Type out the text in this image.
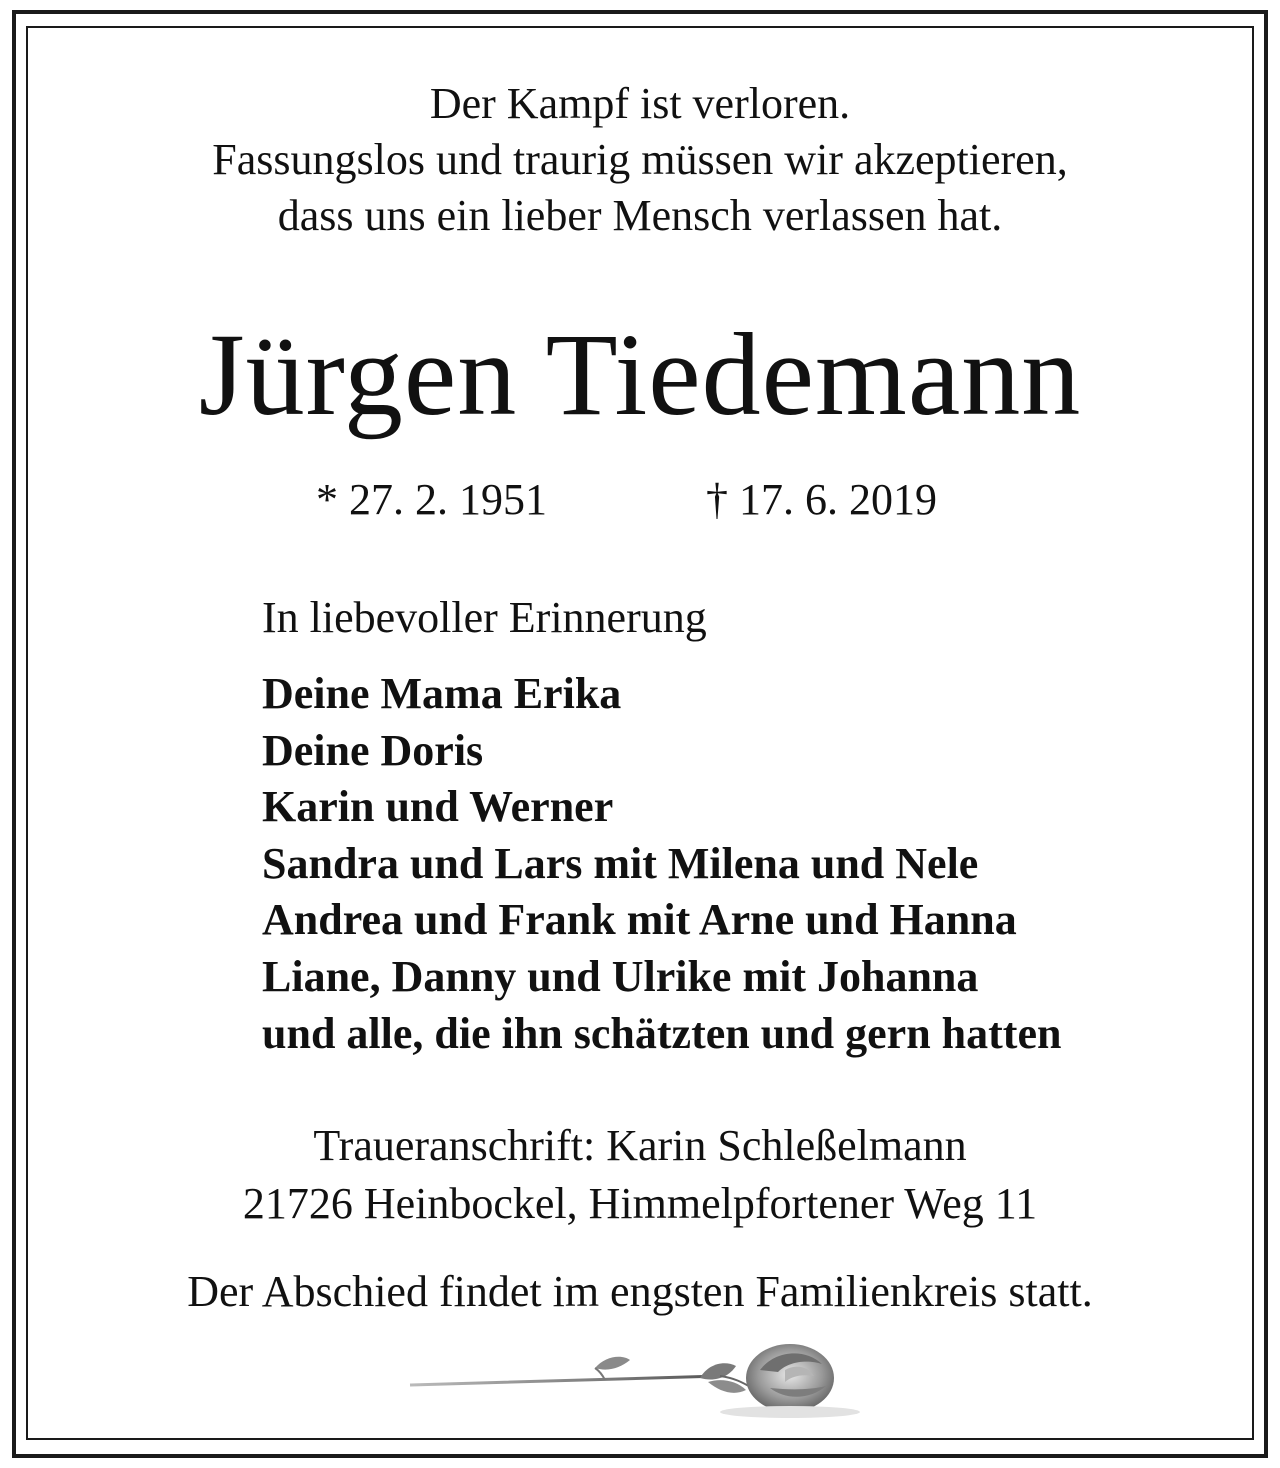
Der Kampf ist verloren.
Fassungslos und traurig müssen wir akzeptieren,
dass uns ein lieber Mensch verlassen hat.
Jürgen Tiedemann
* 27. 2. 1951	† 17. 6. 2019
In liebevoller Erinnerung
Deine Mama Erika
Deine Doris
Karin und Werner
Sandra und Lars mit Milena und Nele
Andrea und Frank mit Arne und Hanna
Liane, Danny und Ulrike mit Johanna
und alle, die ihn schätzten und gern hatten
Traueranschrift: Karin Schleßelmann
21726 Heinbockel, Himmelpfortener Weg 11
Der Abschied findet im engsten Familienkreis statt.
